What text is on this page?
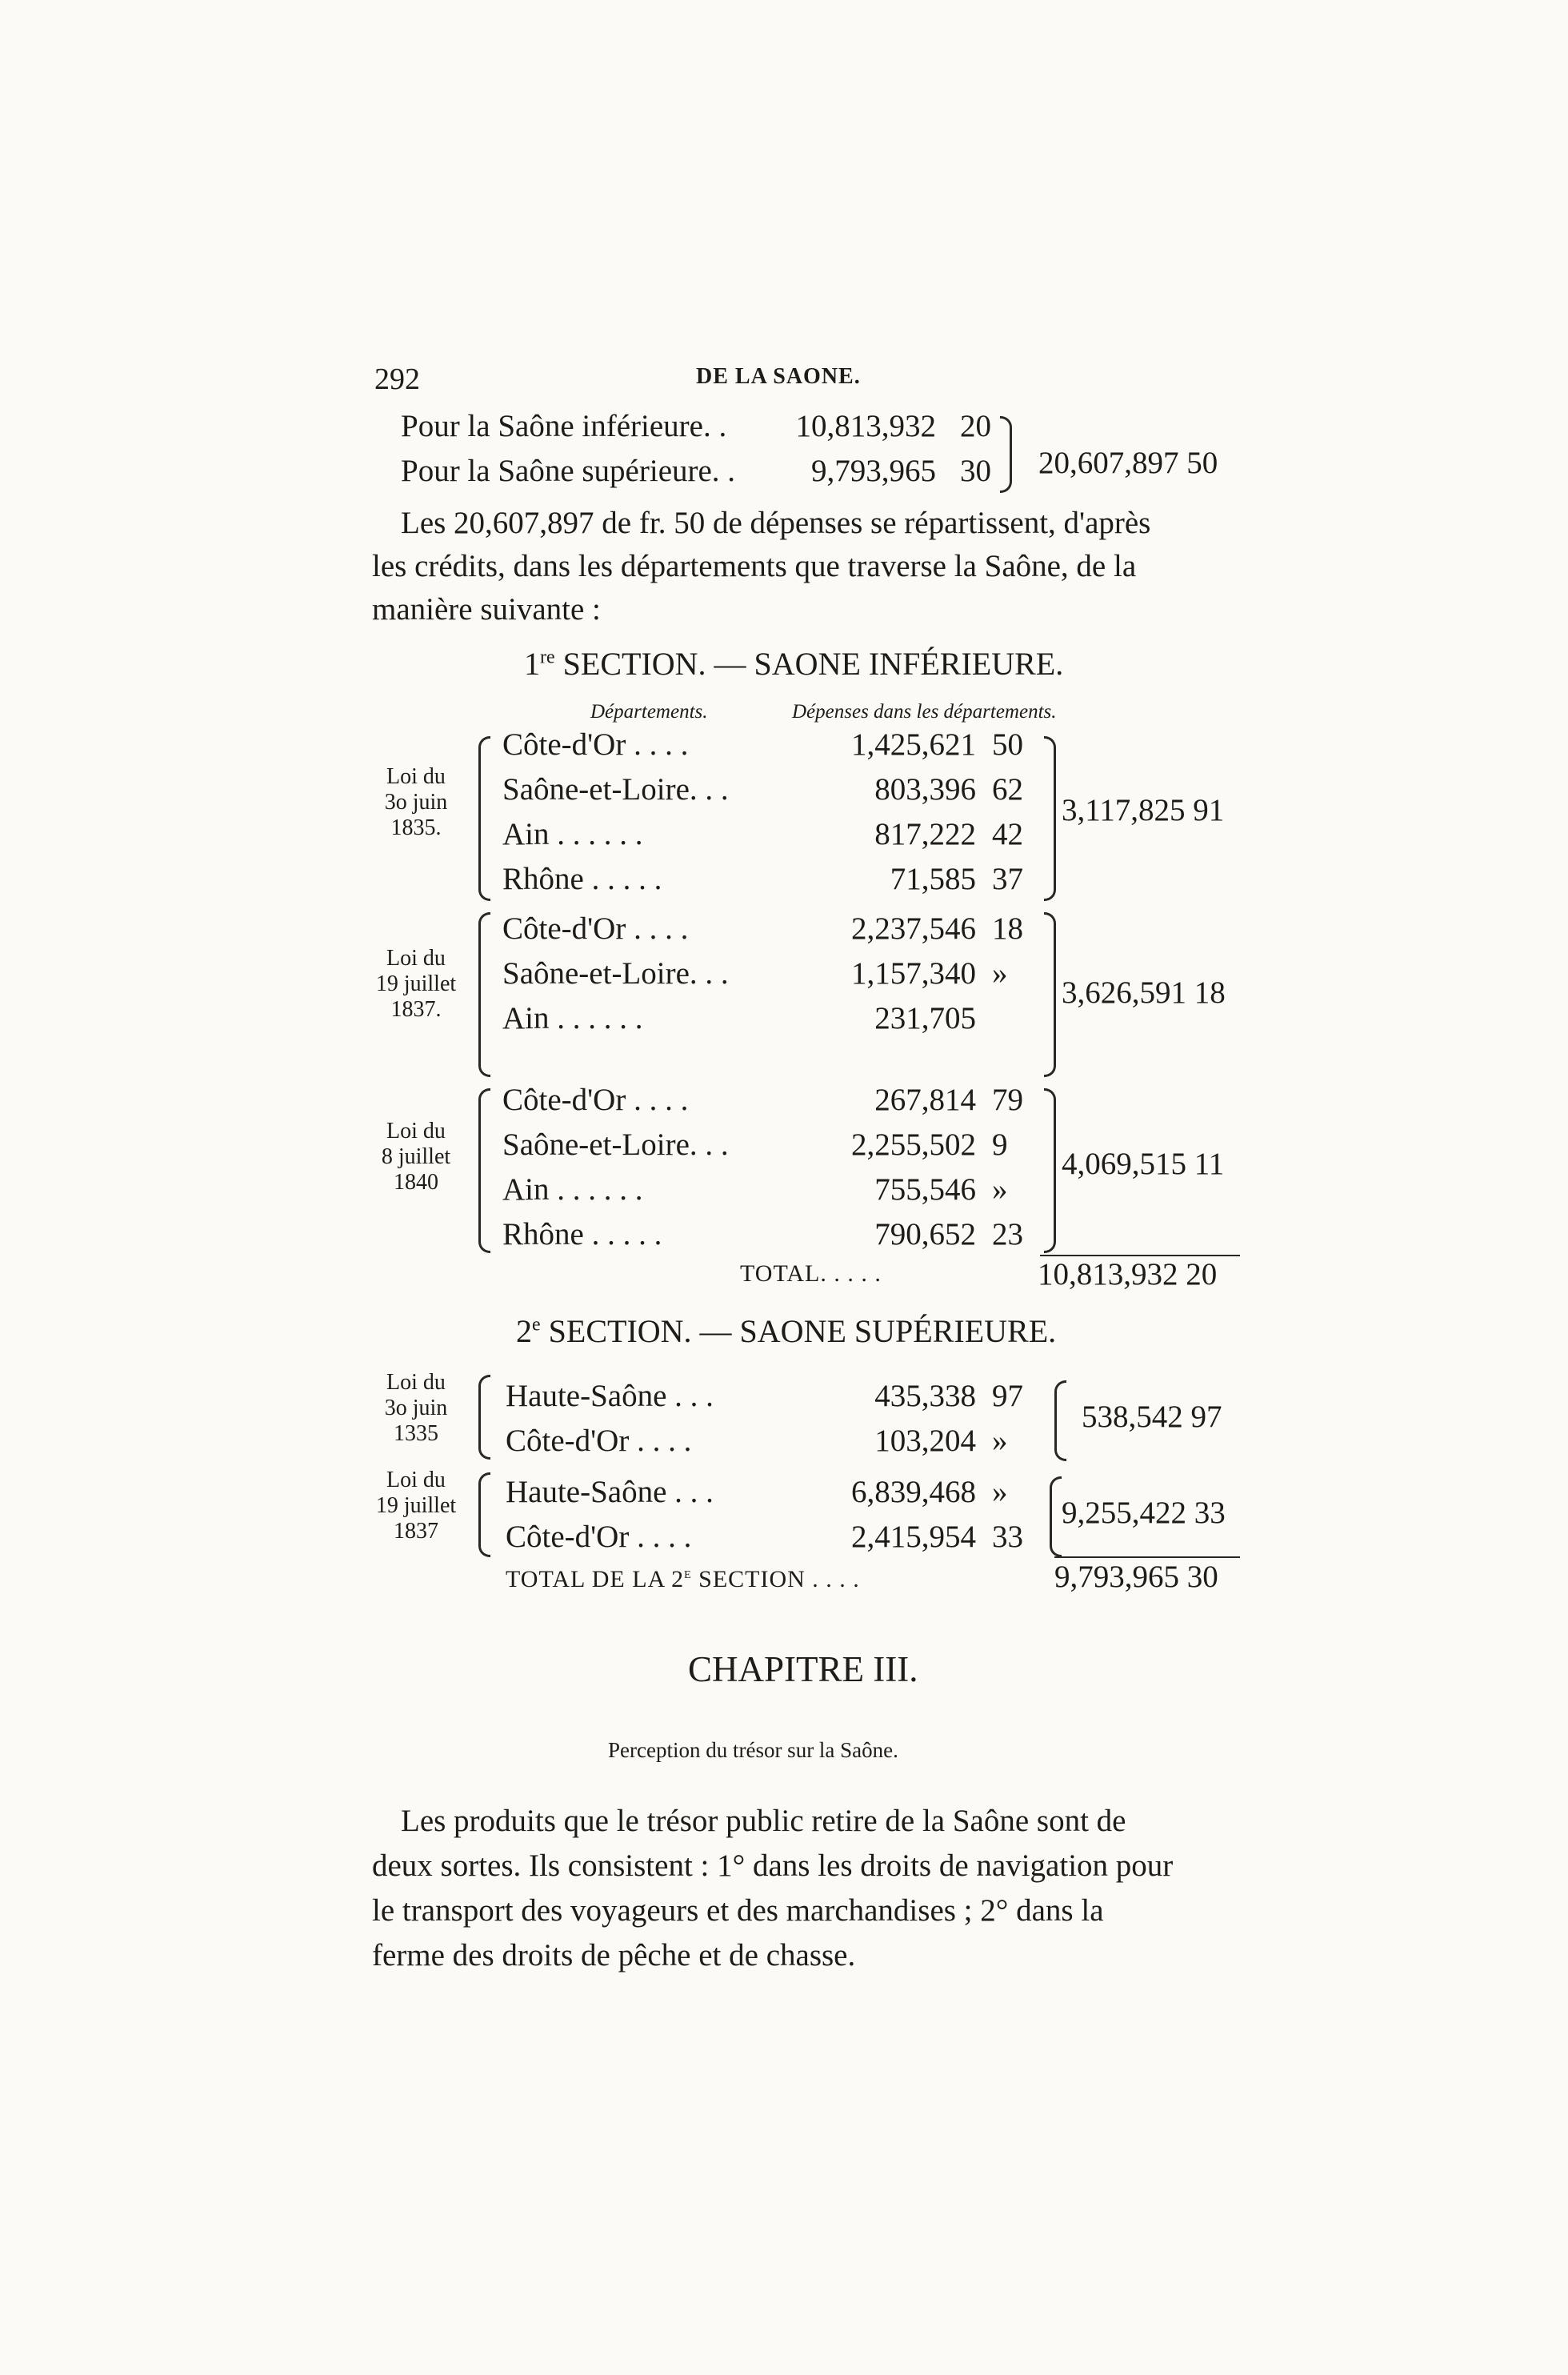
292	DE LA SAONE.
Pour la Saône inférieure. .	10,813,932 20
Pour la Saône supérieure. .	9,793,965 30 20,607,897 50
Les 20,607,897 de fr. 50 de dépenses se répartissent, d'après
les crédits, dans les départements que traverse la Saône, de la
manière suivante :
1re SECTION. — SAONE INFÉRIEURE.
Départements.	Dépenses dans les départements.
Loi du
3o juin
1835.
Côte-d'Or . . . .	1,425,621 50
Saône-et-Loire. . .	803,396 62
Ain . . . . . .	817,222 42
Rhône . . . . .	71,585 37
3,117,825 91
Loi du
19 juillet
1837.
Côte-d'Or . . . .	2,237,546 18
Saône-et-Loire. . .	1,157,340 »
Ain . . . . . .	231,705
3,626,591 18
Loi du
8 juillet
1840
Côte-d'Or . . . .	267,814 79
Saône-et-Loire. . .	2,255,502 9
Ain . . . . . .	755,546 »
Rhône . . . . .	790,652 23
4,069,515 11
TOTAL. . . . .	10,813,932 20
2e SECTION. — SAONE SUPÉRIEURE.
Loi du
3o juin
1335
Haute-Saône . . .	435,338 97
Côte-d'Or . . . .	103,204 »
538,542 97
Loi du
19 juillet
1837
Haute-Saône . . .	6,839,468 »
Côte-d'Or . . . .	2,415,954 33
9,255,422 33
TOTAL DE LA 2e SECTION . . . .	9,793,965 30
CHAPITRE III.
Perception du trésor sur la Saône.
Les produits que le trésor public retire de la Saône sont de
deux sortes. Ils consistent : 1° dans les droits de navigation pour
le transport des voyageurs et des marchandises ; 2° dans la
ferme des droits de pêche et de chasse.
